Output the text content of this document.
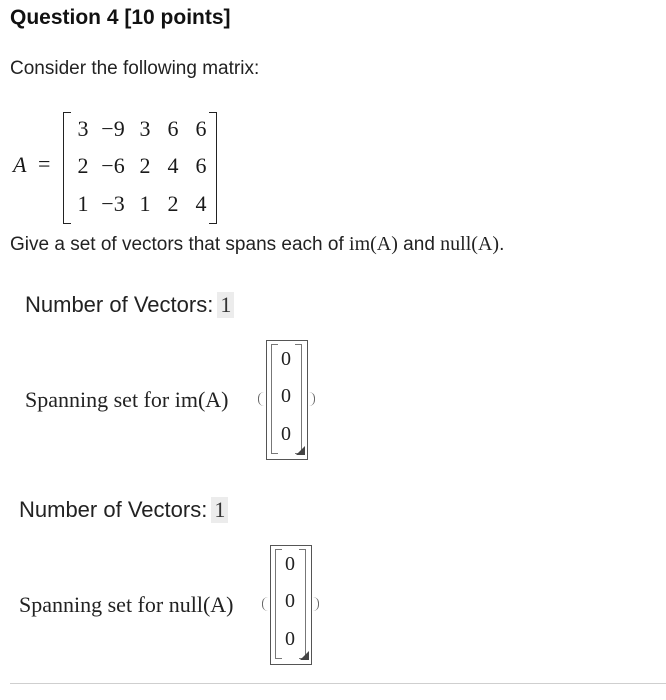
Question 4 [10 points]
Consider the following matrix:
A =
3 −9 3 6 6
2 −6 2 4 6
1 −3 1 2 4
Give a set of vectors that spans each of im(A) and null(A).
Number of Vectors: 1
Spanning set for im(A)
0
0
0
Number of Vectors: 1
Spanning set for null(A)
0
0
0
